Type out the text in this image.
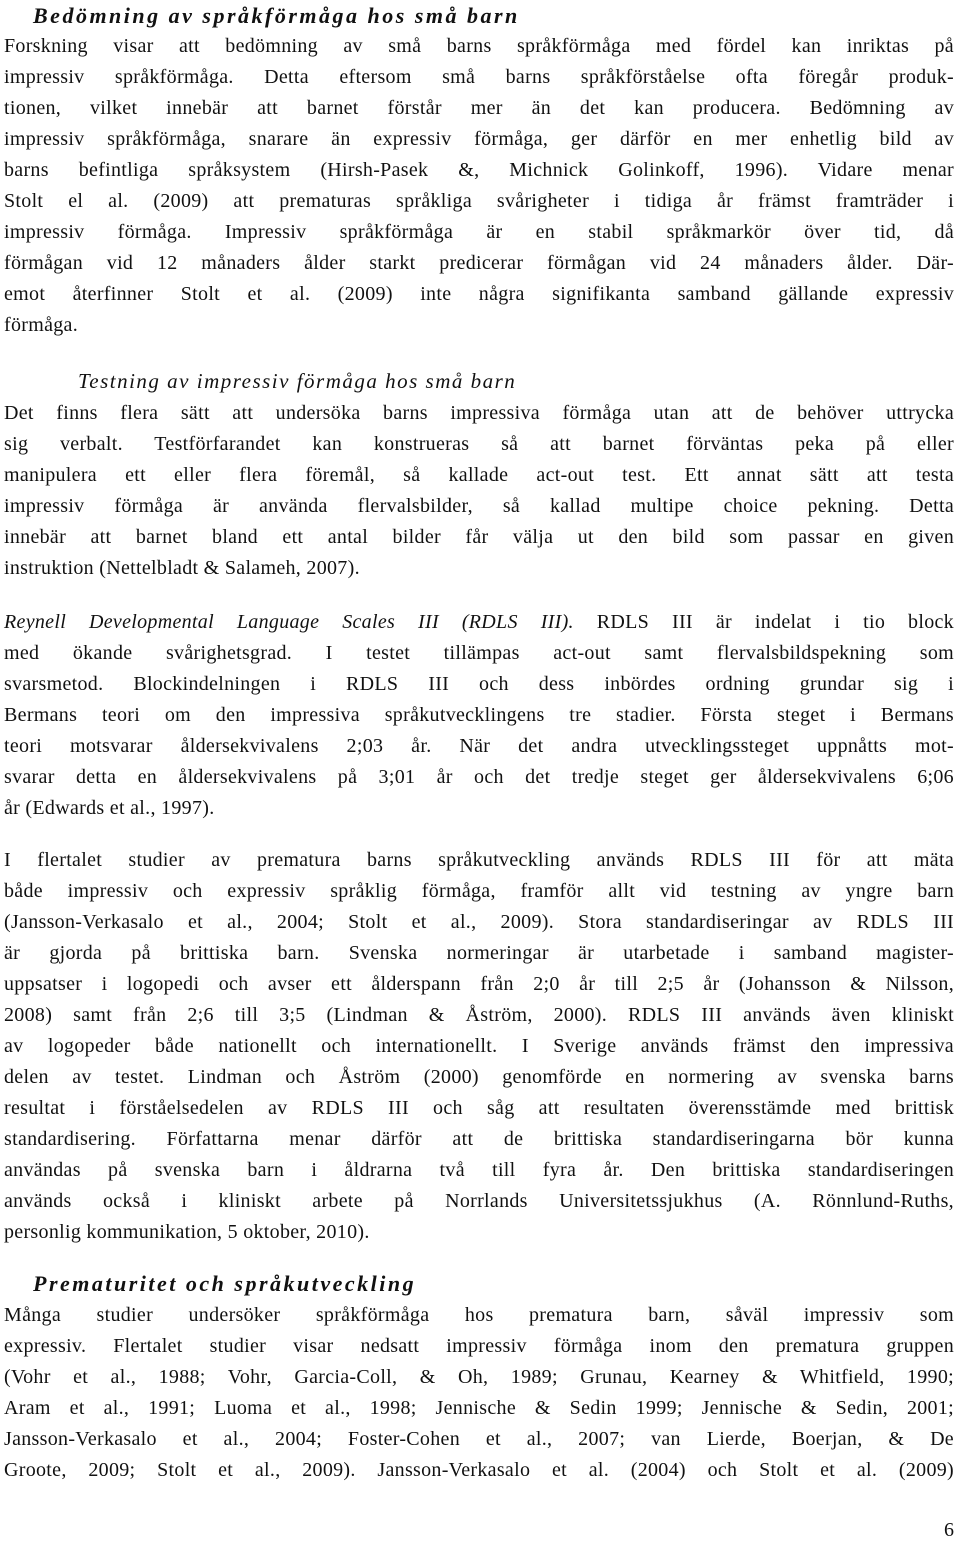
Bedömning av språkförmåga hos små barn
Forskning visar att bedömning av små barns språkförmåga med fördel kan inriktas på
impressiv språkförmåga. Detta eftersom små barns språkförståelse ofta föregår produk-
tionen, vilket innebär att barnet förstår mer än det kan producera. Bedömning av
impressiv språkförmåga, snarare än expressiv förmåga, ger därför en mer enhetlig bild av
barns befintliga språksystem (Hirsh-Pasek &, Michnick Golinkoff, 1996). Vidare menar
Stolt el al. (2009) att prematuras språkliga svårigheter i tidiga år främst framträder i
impressiv förmåga. Impressiv språkförmåga är en stabil språkmarkör över tid, då
förmågan vid 12 månaders ålder starkt predicerar förmågan vid 24 månaders ålder. Där-
emot återfinner Stolt et al. (2009) inte några signifikanta samband gällande expressiv
förmåga.
Testning av impressiv förmåga hos små barn
Det finns flera sätt att undersöka barns impressiva förmåga utan att de behöver uttrycka
sig verbalt. Testförfarandet kan konstrueras så att barnet förväntas peka på eller
manipulera ett eller flera föremål, så kallade act-out test. Ett annat sätt att testa
impressiv förmåga är använda flervalsbilder, så kallad multipe choice pekning. Detta
innebär att barnet bland ett antal bilder får välja ut den bild som passar en given
instruktion (Nettelbladt & Salameh, 2007).
Reynell Developmental Language Scales III (RDLS III). RDLS III är indelat i tio block
med ökande svårighetsgrad. I testet tillämpas act-out samt flervalsbildspekning som
svarsmetod. Blockindelningen i RDLS III och dess inbördes ordning grundar sig i
Bermans teori om den impressiva språkutvecklingens tre stadier. Första steget i Bermans
teori motsvarar åldersekvivalens 2;03 år. När det andra utvecklingssteget uppnåtts mot-
svarar detta en åldersekvivalens på 3;01 år och det tredje steget ger åldersekvivalens 6;06
år (Edwards et al., 1997).
I flertalet studier av prematura barns språkutveckling används RDLS III för att mäta
både impressiv och expressiv språklig förmåga, framför allt vid testning av yngre barn
(Jansson-Verkasalo et al., 2004; Stolt et al., 2009). Stora standardiseringar av RDLS III
är gjorda på brittiska barn. Svenska normeringar är utarbetade i samband magister-
uppsatser i logopedi och avser ett ålderspann från 2;0 år till 2;5 år (Johansson & Nilsson,
2008) samt från 2;6 till 3;5 (Lindman & Åström, 2000). RDLS III används även kliniskt
av logopeder både nationellt och internationellt. I Sverige används främst den impressiva
delen av testet. Lindman och Åström (2000) genomförde en normering av svenska barns
resultat i förståelsedelen av RDLS III och såg att resultaten överensstämde med brittisk
standardisering. Författarna menar därför att de brittiska standardiseringarna bör kunna
användas på svenska barn i åldrarna två till fyra år. Den brittiska standardiseringen
används också i kliniskt arbete på Norrlands Universitetssjukhus (A. Rönnlund-Ruths,
personlig kommunikation, 5 oktober, 2010).
Prematuritet och språkutveckling
Många studier undersöker språkförmåga hos prematura barn, såväl impressiv som
expressiv. Flertalet studier visar nedsatt impressiv förmåga inom den prematura gruppen
(Vohr et al., 1988; Vohr, Garcia-Coll, & Oh, 1989; Grunau, Kearney & Whitfield, 1990;
Aram et al., 1991; Luoma et al., 1998; Jennische & Sedin 1999; Jennische & Sedin, 2001;
Jansson-Verkasalo et al., 2004; Foster-Cohen et al., 2007; van Lierde, Boerjan, & De
Groote, 2009; Stolt et al., 2009). Jansson-Verkasalo et al. (2004) och Stolt et al. (2009)

6
